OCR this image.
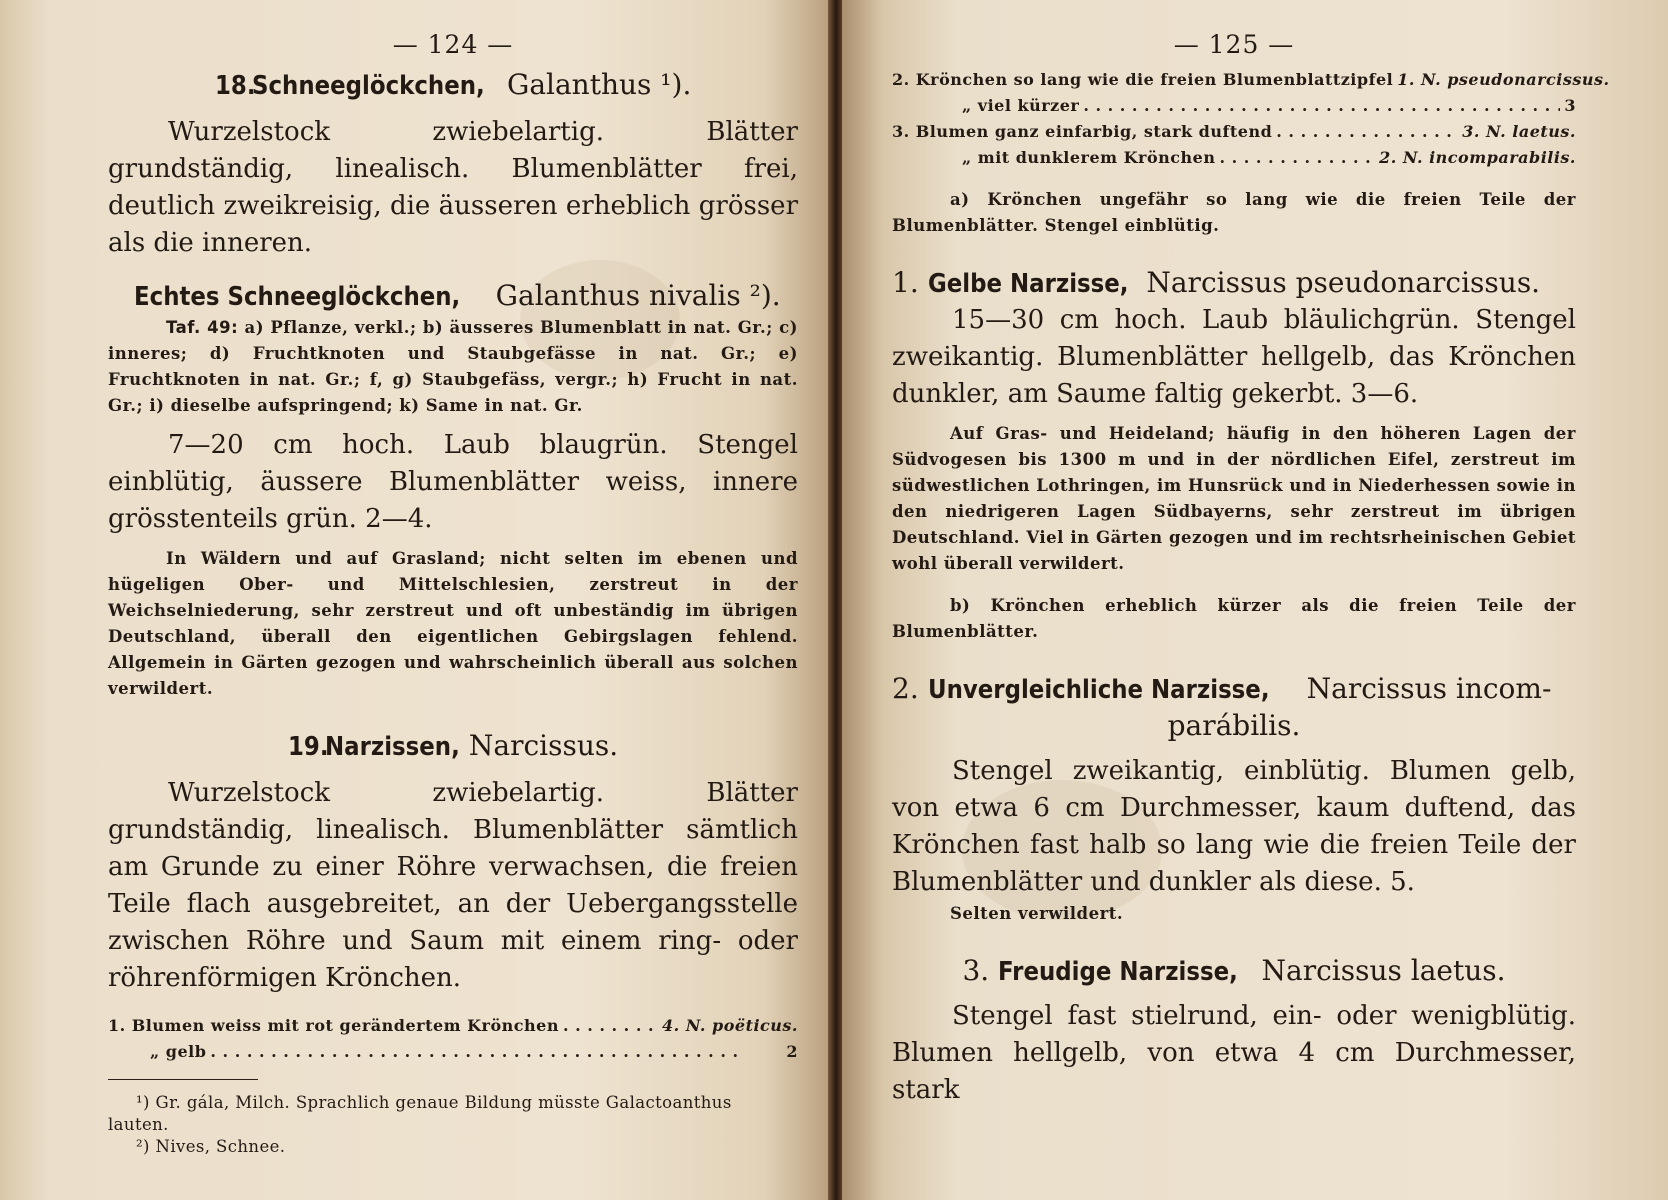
— 124 —
18. Schneeglöckchen, Galanthus ¹).

Wurzelstock zwiebelartig. Blätter grundständig, linealisch. Blumenblätter frei, deutlich zweikreisig, die äusseren erheblich grösser als die inneren.

Echtes Schneeglöckchen, Galanthus nivalis ²).

Taf. 49: a) Pflanze, verkl.; b) äusseres Blumenblatt in nat. Gr.; c) inneres; d) Fruchtknoten und Staubgefässe in nat. Gr.; e) Fruchtknoten in nat. Gr.; f, g) Staubgefäss, vergr.; h) Frucht in nat. Gr.; i) dieselbe aufspringend; k) Same in nat. Gr.

7—20 cm hoch. Laub blaugrün. Stengel einblütig, äussere Blumenblätter weiss, innere grösstenteils grün. 2—4.

In Wäldern und auf Grasland; nicht selten im ebenen und hügeligen Ober- und Mittelschlesien, zerstreut in der Weichselniederung, sehr zerstreut und oft unbeständig im übrigen Deutschland, überall den eigentlichen Gebirgslagen fehlend. Allgemein in Gärten gezogen und wahrscheinlich überall aus solchen verwildert.

19. Narzissen, Narcissus.

Wurzelstock zwiebelartig. Blätter grundständig, linealisch. Blumenblätter sämtlich am Grunde zu einer Röhre verwachsen, die freien Teile flach ausgebreitet, an der Uebergangsstelle zwischen Röhre und Saum mit einem ring- oder röhrenförmigen Krönchen.

1. Blumen weiss mit rot gerändertem Krönchen . . .	4. N. poëticus.
„ gelb . . .	2

¹) Gr. gála, Milch. Sprachlich genaue Bildung müsste Galactoanthus lauten.

²) Nives, Schnee.

— 125 —
2. Krönchen so lang wie die freien Blumenblattzipfel 1. N. pseudonarcissus.
„ viel kürzer . . .	3
3. Blumen ganz einfarbig, stark duftend . . .	3. N. laetus.
„ mit dunklerem Krönchen . . .	2. N. incomparabilis.

a) Krönchen ungefähr so lang wie die freien Teile der Blumenblätter. Stengel einblütig.

1. Gelbe Narzisse, Narcissus pseudonarcissus.

15—30 cm hoch. Laub bläulichgrün. Stengel zweikantig. Blumenblätter hellgelb, das Krönchen dunkler, am Saume faltig gekerbt. 3—6.

Auf Gras- und Heideland; häufig in den höheren Lagen der Südvogesen bis 1300 m und in der nördlichen Eifel, zerstreut im südwestlichen Lothringen, im Hunsrück und in Niederhessen sowie in den niedrigeren Lagen Südbayerns, sehr zerstreut im übrigen Deutschland. Viel in Gärten gezogen und im rechtsrheinischen Gebiet wohl überall verwildert.

b) Krönchen erheblich kürzer als die freien Teile der Blumenblätter.

2. Unvergleichliche Narzisse, Narcissus incom-
parábilis.

Stengel zweikantig, einblütig. Blumen gelb, von etwa 6 cm Durchmesser, kaum duftend, das Krönchen fast halb so lang wie die freien Teile der Blumenblätter und dunkler als diese. 5.

Selten verwildert.

3. Freudige Narzisse, Narcissus laetus.

Stengel fast stielrund, ein- oder wenigblütig. Blumen hellgelb, von etwa 4 cm Durchmesser, stark
